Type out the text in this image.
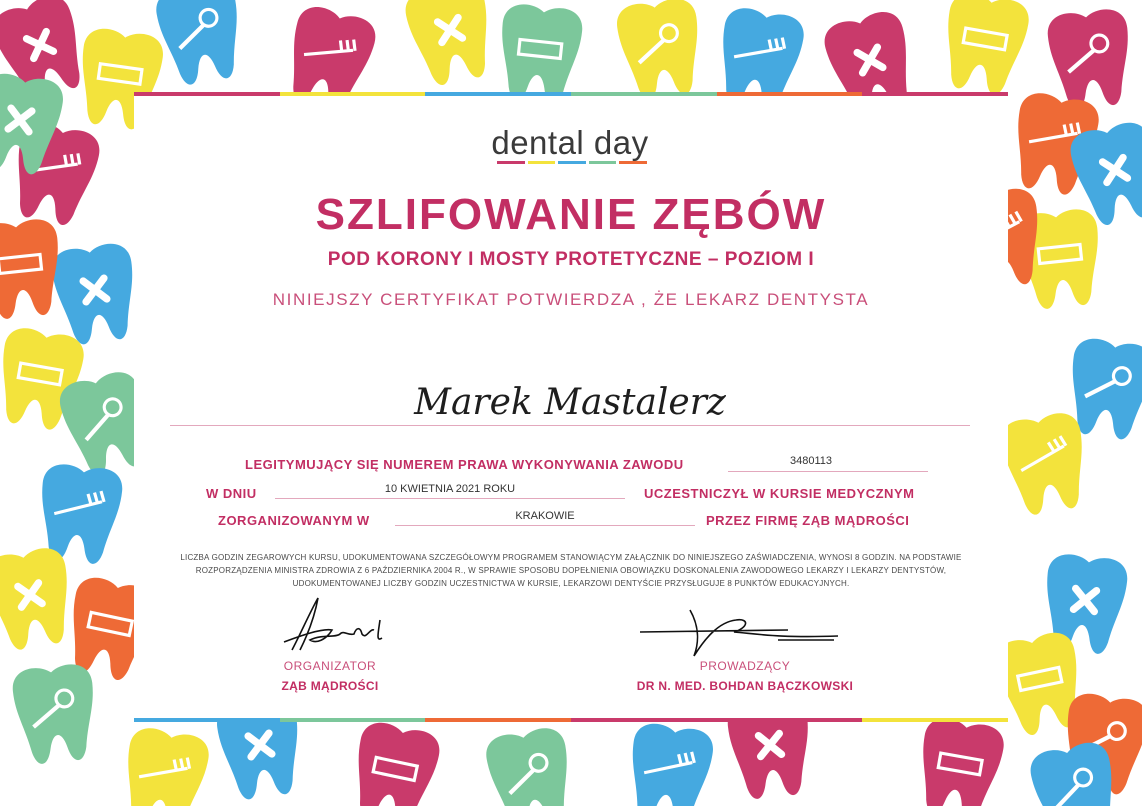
dental day
SZLIFOWANIE ZĘBÓW
POD KORONY I MOSTY PROTETYCZNE – POZIOM I
NINIEJSZY CERTYFIKAT POTWIERDZA , ŻE LEKARZ DENTYSTA
Marek Mastalerz
LEGITYMUJĄCY SIĘ NUMEREM PRAWA WYKONYWANIA ZAWODU	3480113
W DNIU	10 KWIETNIA 2021 ROKU	UCZESTNICZYŁ W KURSIE MEDYCZNYM
ZORGANIZOWANYM W	KRAKOWIE	PRZEZ FIRMĘ ZĄB MĄDROŚCI
LICZBA GODZIN ZEGAROWYCH KURSU, UDOKUMENTOWANA SZCZEGÓŁOWYM PROGRAMEM STANOWIĄCYM ZAŁĄCZNIK DO NINIEJSZEGO ZAŚWIADCZENIA, WYNOSI 8 GODZIN. NA PODSTAWIE ROZPORZĄDZENIA MINISTRA ZDROWIA Z 6 PAŹDZIERNIKA 2004 R., W SPRAWIE SPOSOBU DOPEŁNIENIA OBOWIĄZKU DOSKONALENIA ZAWODOWEGO LEKARZY I LEKARZY DENTYSTÓW, UDOKUMENTOWANEJ LICZBY GODZIN UCZESTNICTWA W KURSIE, LEKARZOWI DENTYŚCIE PRZYSŁUGUJE 8 PUNKTÓW EDUKACYJNYCH.
ORGANIZATOR
ZĄB MĄDROŚCI
PROWADZĄCY
DR N. MED. BOHDAN BĄCZKOWSKI
